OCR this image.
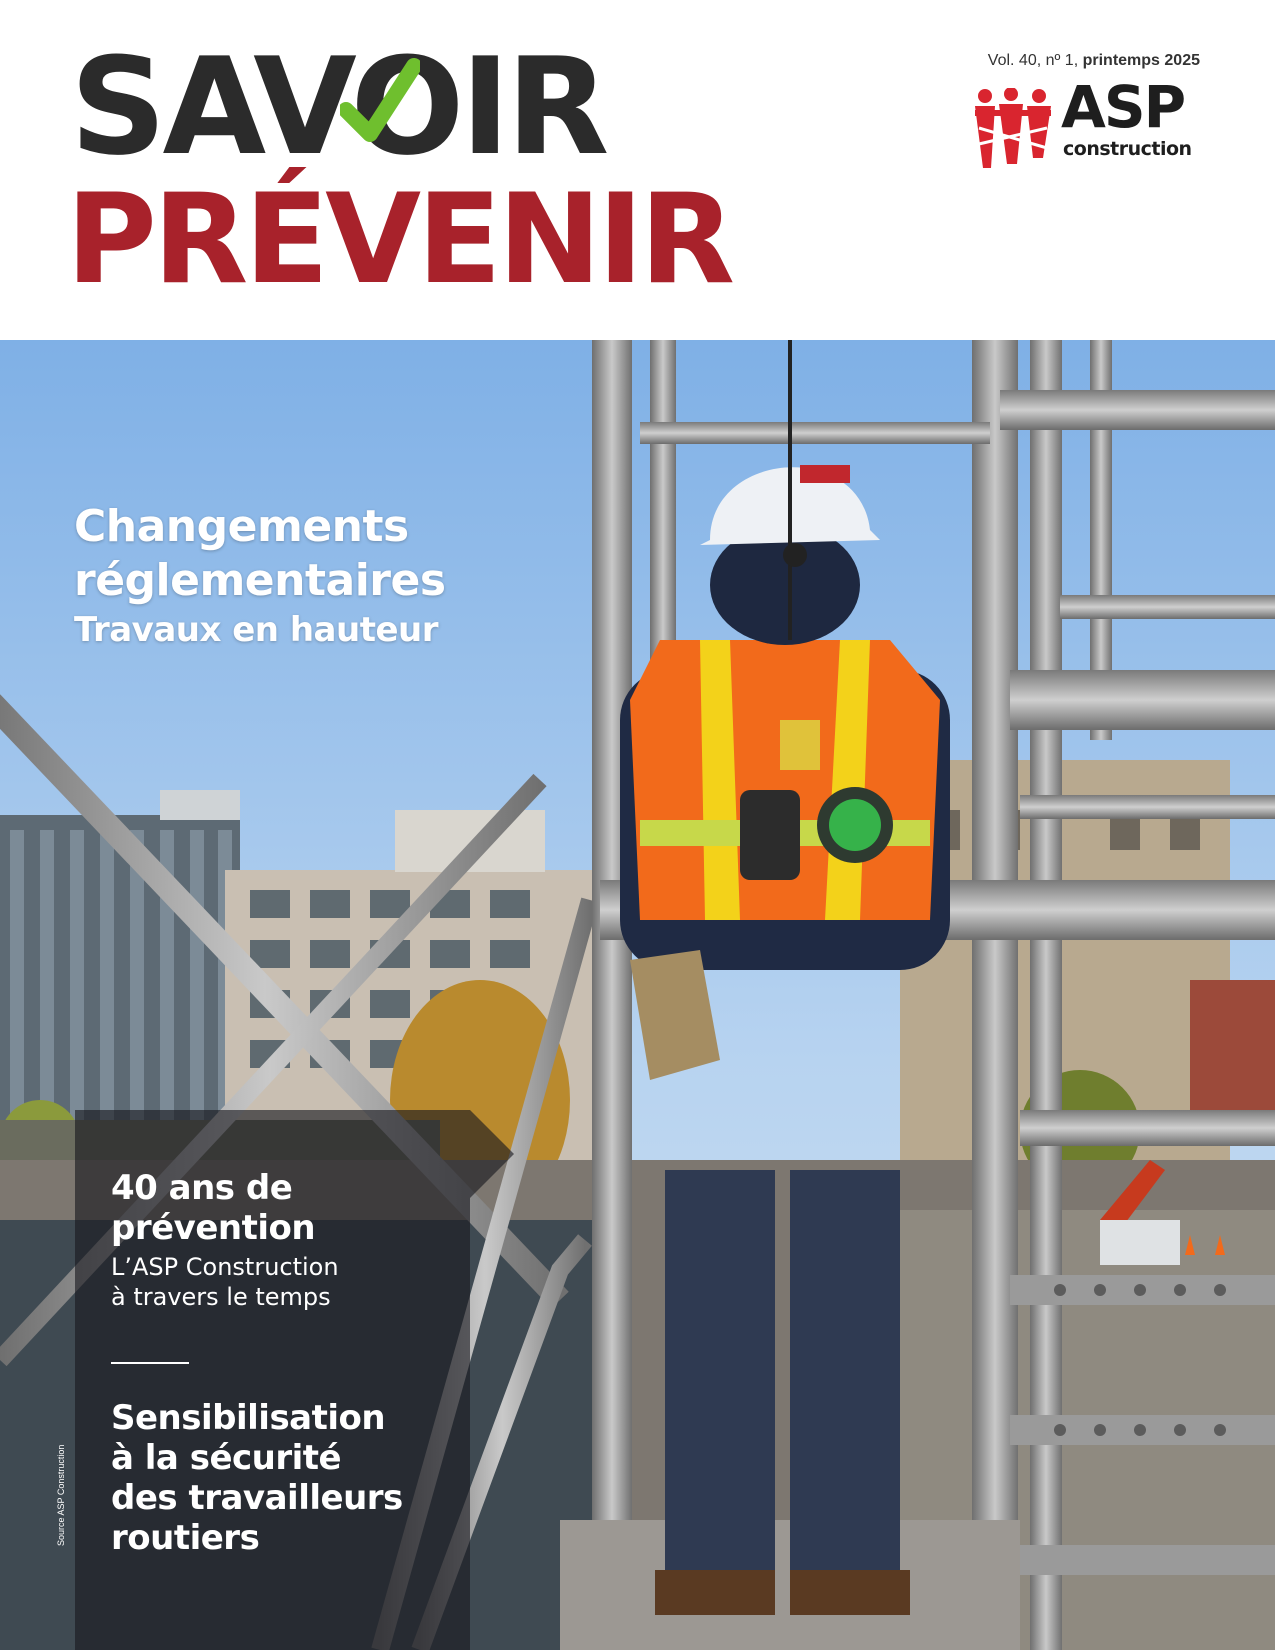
SAVOIR
PRÉVENIR
Vol. 40, nº 1, printemps 2025
ASP
construction
Changements
réglementaires
Travaux en hauteur
40 ans de
prévention
L’ASP Construction
à travers le temps
Sensibilisation
à la sécurité
des travailleurs
routiers
Source ASP Construction
